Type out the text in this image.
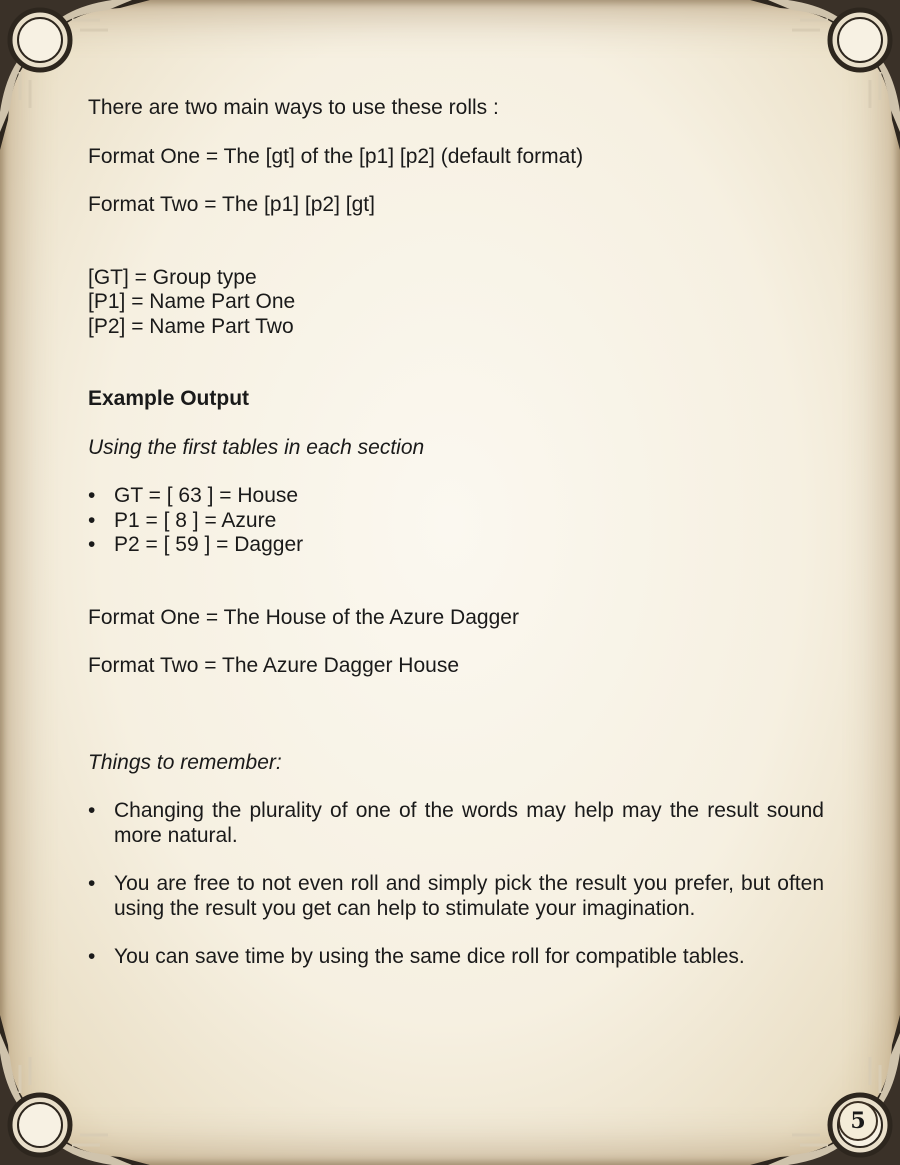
There are two main ways to use these rolls :

Format One = The [gt] of the [p1] [p2] (default format)

Format Two = The [p1] [p2] [gt]

[GT] = Group type

[P1] = Name Part One

[P2] = Name Part Two

Example Output

Using the first tables in each section

• GT = [ 63 ] = House
• P1 = [ 8 ] = Azure
• P2 = [ 59 ] = Dagger

Format One = The House of the Azure Dagger

Format Two = The Azure Dagger House

Things to remember:

• Changing the plurality of one of the words may help may the result sound more natural.
• You are free to not even roll and simply pick the result you prefer, but often using the result you get can help to stimulate your imagination.
• You can save time by using the same dice roll for compatible tables.
5
